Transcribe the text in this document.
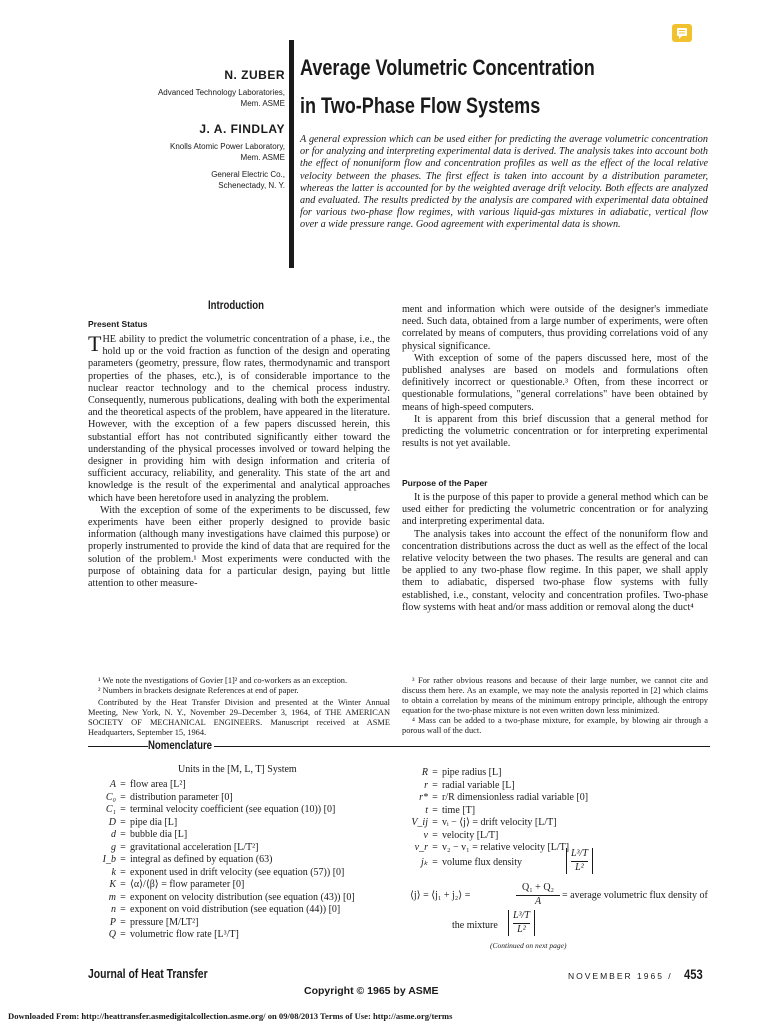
N. ZUBER
Advanced Technology Laboratories,
Mem. ASME
J. A. FINDLAY
Knolls Atomic Power Laboratory,
Mem. ASME
General Electric Co.,
Schenectady, N. Y.
Average Volumetric Concentration
in Two-Phase Flow Systems
A general expression which can be used either for predicting the average volumetric concentration or for analyzing and interpreting experimental data is derived. The analysis takes into account both the effect of nonuniform flow and concentration profiles as well as the effect of the local relative velocity between the phases. The first effect is taken into account by a distribution parameter, whereas the latter is accounted for by the weighted average drift velocity. Both effects are analyzed and evaluated. The results predicted by the analysis are compared with experimental data obtained for various two-phase flow regimes, with various liquid-gas mixtures in adiabatic, vertical flow over a wide pressure range. Good agreement with experimental data is shown.
Introduction
Present Status

THE ability to predict the volumetric concentration of a phase, i.e., the hold up or the void fraction as function of the design and operating parameters (geometry, pressure, flow rates, thermodynamic and transport properties of the phases, etc.), is of considerable importance to the nuclear reactor technology and to the chemical process industry. Consequently, numerous publications, dealing with both the experimental and the theoretical aspects of the problem, have appeared in the literature. However, with the exception of a few papers discussed herein, this substantial effort has not contributed significantly either toward the understanding of the physical processes involved or toward helping the designer in providing him with design information and criteria of sufficient accuracy, reliability, and generality. This state of the art and knowledge is the result of the experimental and analytical approaches which have been heretofore used in analyzing the problem.

With the exception of some of the experiments to be discussed, few experiments have been either properly designed to provide basic information (although many investigations have claimed this purpose) or properly instrumented to provide the kind of data that are required for the solution of the problem.¹ Most experiments were conducted with the purpose of obtaining data for a particular design, paying but little attention to other measure-

¹ We note the nvestigations of Govier [1]² and co-workers as an exception.

² Numbers in brackets designate References at end of paper.

Contributed by the Heat Transfer Division and presented at the Winter Annual Meeting, New York, N. Y., November 29–December 3, 1964, of THE AMERICAN SOCIETY OF MECHANICAL ENGINEERS. Manuscript received at ASME Headquarters, September 15, 1964.

ment and information which were outside of the designer's immediate need. Such data, obtained from a large number of experiments, were often correlated by means of computers, thus providing correlations void of any physical significance.

With exception of some of the papers discussed here, most of the published analyses are based on models and formulations often definitively incorrect or questionable.³ Often, from these incorrect or questionable formulations, "general correlations" have been obtained by means of high-speed computers.

It is apparent from this brief discussion that a general method for predicting the volumetric concentration or for interpreting experimental results is not yet available.

Purpose of the Paper

It is the purpose of this paper to provide a general method which can be used either for predicting the volumetric concentration or for analyzing and interpreting experimental data.

The analysis takes into account the effect of the nonuniform flow and concentration distributions across the duct as well as the effect of the local relative velocity between the two phases. The results are general and can be applied to any two-phase flow regime. In this paper, we shall apply them to adiabatic, dispersed two-phase flow systems with fully established, i.e., constant, velocity and concentration profiles. Two-phase flow systems with heat and/or mass addition or removal along the duct⁴

³ For rather obvious reasons and because of their large number, we cannot cite and discuss them here. As an example, we may note the analysis reported in [2] which claims to obtain a correlation by means of the minimum entropy principle, although the entropy equation for the two-phase mixture is not even written down less minimized.

⁴ Mass can be added to a two-phase mixture, for example, by blowing air through a porous wall of the duct.

Nomenclature
Units in the [M, L, T] System
A = flow area [L²]
C₀ = distribution parameter [0]
C₁ = terminal velocity coefficient (see equation (10)) [0]
D = pipe dia [L]
d = bubble dia [L]
g = gravitational acceleration [L/T²]
I_b = integral as defined by equation (63)
k = exponent used in drift velocity (see equation (57)) [0]
K = ⟨α⟩/⟨β⟩ = flow parameter [0]
m = exponent on velocity distribution (see equation (43)) [0]
n = exponent on void distribution (see equation (44)) [0]
P = pressure [M/LT²]
Q = volumetric flow rate [L³/T]
R = pipe radius [L]
r = radial variable [L]
r* = r/R dimensionless radial variable [0]
t = time [T]
V_ij = vᵢ − ⟨j⟩ = drift velocity [L/T]
v = velocity [L/T]
v_r = v₂ − v₁ = relative velocity [L/T]
jₖ = volume flux density
L³/T
L²
⟨j⟩ = ⟨j₁ + j₂⟩ =
Q₁ + Q₂
A	= average volumetric flux density of
the mixture
L³/T
L²
(Continued on next page)
Journal of Heat Transfer	NOVEMBER 1965 / 453
Copyright © 1965 by ASME
Downloaded From: http://heattransfer.asmedigitalcollection.asme.org/ on 09/08/2013 Terms of Use: http://asme.org/terms
